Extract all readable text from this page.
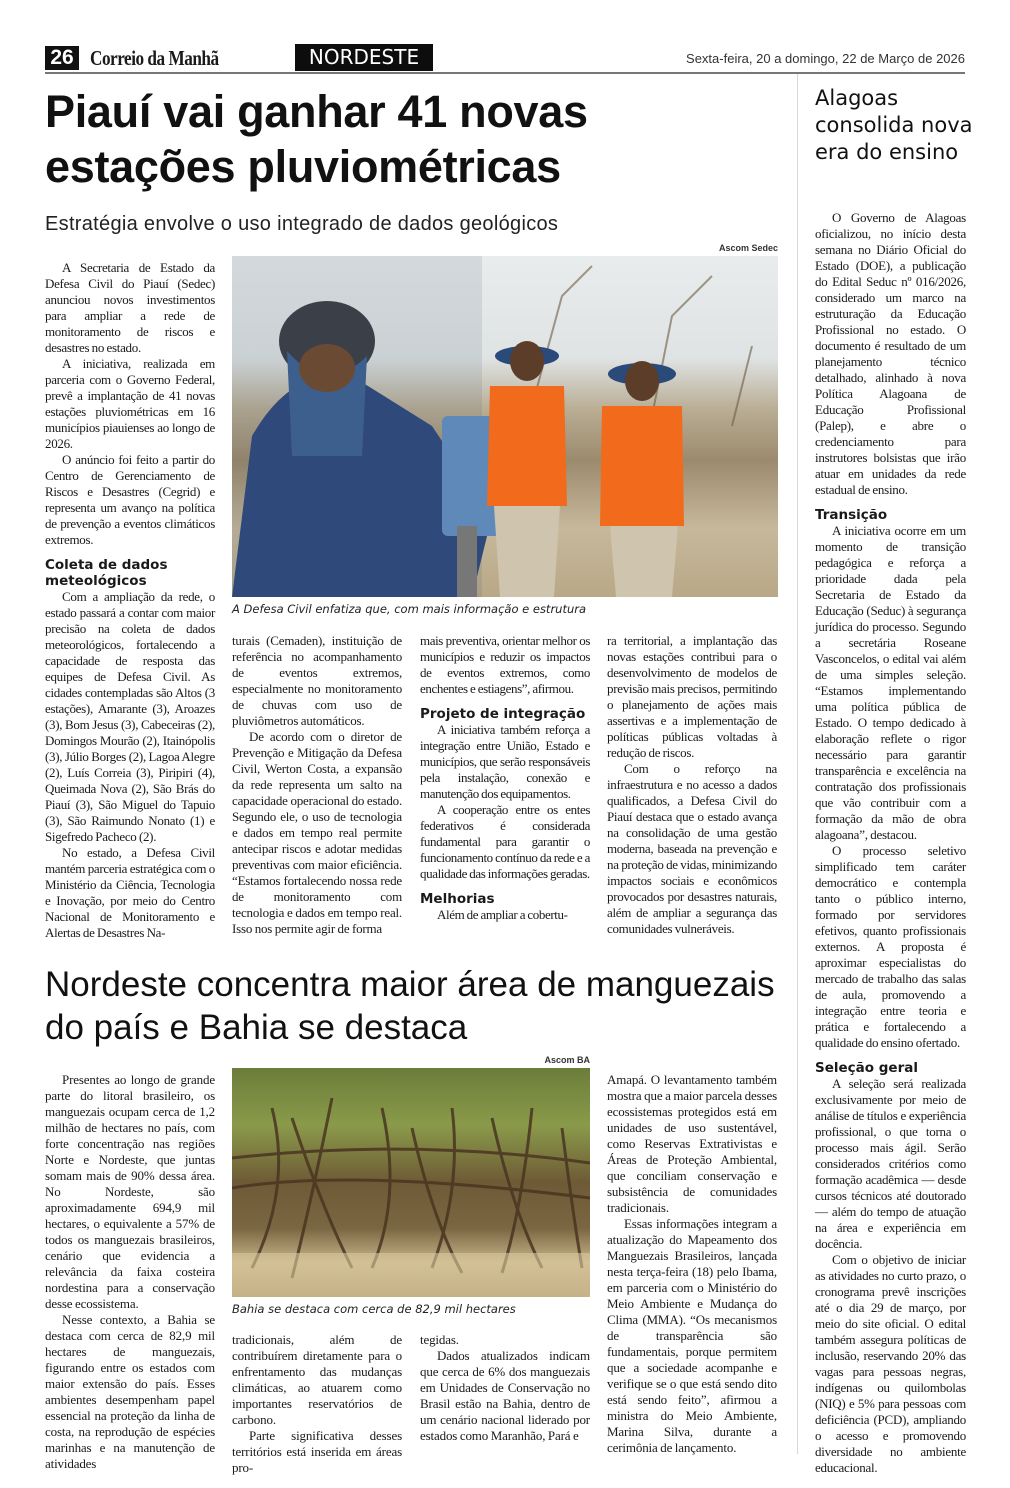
26 Correio da Manhã	NORDESTE	Sexta-feira, 20 a domingo, 22 de Março de 2026
Piauí vai ganhar 41 novas estações pluviométricas
Estratégia envolve o uso integrado de dados geológicos
Ascom Sedec
A Defesa Civil enfatiza que, com mais informação e estrutura

A Secretaria de Estado da Defesa Civil do Piauí (Sedec) anunciou novos investimentos para ampliar a rede de monitoramento de riscos e desastres no estado.

A iniciativa, realizada em parceria com o Governo Federal, prevê a implantação de 41 novas estações pluviométricas em 16 municípios piauienses ao longo de 2026.

O anúncio foi feito a partir do Centro de Gerenciamento de Riscos e Desastres (Cegrid) e representa um avanço na política de prevenção a eventos climáticos extremos.

Coleta de dados meteológicos

Com a ampliação da rede, o estado passará a contar com maior precisão na coleta de dados meteorológicos, fortalecendo a capacidade de resposta das equipes de Defesa Civil. As cidades contempladas são Altos (3 estações), Amarante (3), Aroazes (3), Bom Jesus (3), Cabeceiras (2), Domingos Mourão (2), Itainópolis (3), Júlio Borges (2), Lagoa Alegre (2), Luís Correia (3), Piripiri (4), Queimada Nova (2), São Brás do Piauí (3), São Miguel do Tapuio (3), São Raimundo Nonato (1) e Sigefredo Pacheco (2).

No estado, a Defesa Civil mantém parceria estratégica com o Ministério da Ciência, Tecnologia e Inovação, por meio do Centro Nacional de Monitoramento e Alertas de Desastres Na-

turais (Cemaden), instituição de referência no acompanhamento de eventos extremos, especialmente no monitoramento de chuvas com uso de pluviômetros automáticos.

De acordo com o diretor de Prevenção e Mitigação da Defesa Civil, Werton Costa, a expansão da rede representa um salto na capacidade operacional do estado. Segundo ele, o uso de tecnologia e dados em tempo real permite antecipar riscos e adotar medidas preventivas com maior eficiência. “Estamos fortalecendo nossa rede de monitoramento com tecnologia e dados em tempo real. Isso nos permite agir de forma

mais preventiva, orientar melhor os municípios e reduzir os impactos de eventos extremos, como enchentes e estiagens”, afirmou.

Projeto de integração

A iniciativa também reforça a integração entre União, Estado e municípios, que serão responsáveis pela instalação, conexão e manutenção dos equipamentos.

A cooperação entre os entes federativos é considerada fundamental para garantir o funcionamento contínuo da rede e a qualidade das informações geradas.

Melhorias

Além de ampliar a cobertu-

ra territorial, a implantação das novas estações contribui para o desenvolvimento de modelos de previsão mais precisos, permitindo o planejamento de ações mais assertivas e a implementação de políticas públicas voltadas à redução de riscos.

Com o reforço na infraestrutura e no acesso a dados qualificados, a Defesa Civil do Piauí destaca que o estado avança na consolidação de uma gestão moderna, baseada na prevenção e na proteção de vidas, minimizando impactos sociais e econômicos provocados por desastres naturais, além de ampliar a segurança das comunidades vulneráveis.

Nordeste concentra maior área de manguezais do país e Bahia se destaca
Ascom BA
Bahia se destaca com cerca de 82,9 mil hectares

Presentes ao longo de grande parte do litoral brasileiro, os manguezais ocupam cerca de 1,2 milhão de hectares no país, com forte concentração nas regiões Norte e Nordeste, que juntas somam mais de 90% dessa área. No Nordeste, são aproximadamente 694,9 mil hectares, o equivalente a 57% de todos os manguezais brasileiros, cenário que evidencia a relevância da faixa costeira nordestina para a conservação desse ecossistema.

Nesse contexto, a Bahia se destaca com cerca de 82,9 mil hectares de manguezais, figurando entre os estados com maior extensão do país. Esses ambientes desempenham papel essencial na proteção da linha de costa, na reprodução de espécies marinhas e na manutenção de atividades

tradicionais, além de contribuírem diretamente para o enfrentamento das mudanças climáticas, ao atuarem como importantes reservatórios de carbono.

Parte significativa desses territórios está inserida em áreas pro-

tegidas.

Dados atualizados indicam que cerca de 6% dos manguezais em Unidades de Conservação no Brasil estão na Bahia, dentro de um cenário nacional liderado por estados como Maranhão, Pará e

Amapá. O levantamento também mostra que a maior parcela desses ecossistemas protegidos está em unidades de uso sustentável, como Reservas Extrativistas e Áreas de Proteção Ambiental, que conciliam conservação e subsistência de comunidades tradicionais.

Essas informações integram a atualização do Mapeamento dos Manguezais Brasileiros, lançada nesta terça-feira (18) pelo Ibama, em parceria com o Ministério do Meio Ambiente e Mudança do Clima (MMA). “Os mecanismos de transparência são fundamentais, porque permitem que a sociedade acompanhe e verifique se o que está sendo dito está sendo feito”, afirmou a ministra do Meio Ambiente, Marina Silva, durante a cerimônia de lançamento.

Alagoas consolida nova era do ensino

O Governo de Alagoas oficializou, no início desta semana no Diário Oficial do Estado (DOE), a publicação do Edital Seduc nº 016/2026, considerado um marco na estruturação da Educação Profissional no estado. O documento é resultado de um planejamento técnico detalhado, alinhado à nova Política Alagoana de Educação Profissional (Palep), e abre o credenciamento para instrutores bolsistas que irão atuar em unidades da rede estadual de ensino.

Transição

A iniciativa ocorre em um momento de transição pedagógica e reforça a prioridade dada pela Secretaria de Estado da Educação (Seduc) à segurança jurídica do processo. Segundo a secretária Roseane Vasconcelos, o edital vai além de uma simples seleção. “Estamos implementando uma política pública de Estado. O tempo dedicado à elaboração reflete o rigor necessário para garantir transparência e excelência na contratação dos profissionais que vão contribuir com a formação da mão de obra alagoana”, destacou.

O processo seletivo simplificado tem caráter democrático e contempla tanto o público interno, formado por servidores efetivos, quanto profissionais externos. A proposta é aproximar especialistas do mercado de trabalho das salas de aula, promovendo a integração entre teoria e prática e fortalecendo a qualidade do ensino ofertado.

Seleção geral

A seleção será realizada exclusivamente por meio de análise de títulos e experiência profissional, o que torna o processo mais ágil. Serão considerados critérios como formação acadêmica — desde cursos técnicos até doutorado — além do tempo de atuação na área e experiência em docência.

Com o objetivo de iniciar as atividades no curto prazo, o cronograma prevê inscrições até o dia 29 de março, por meio do site oficial. O edital também assegura políticas de inclusão, reservando 20% das vagas para pessoas negras, indígenas ou quilombolas (NIQ) e 5% para pessoas com deficiência (PCD), ampliando o acesso e promovendo diversidade no ambiente educacional.
